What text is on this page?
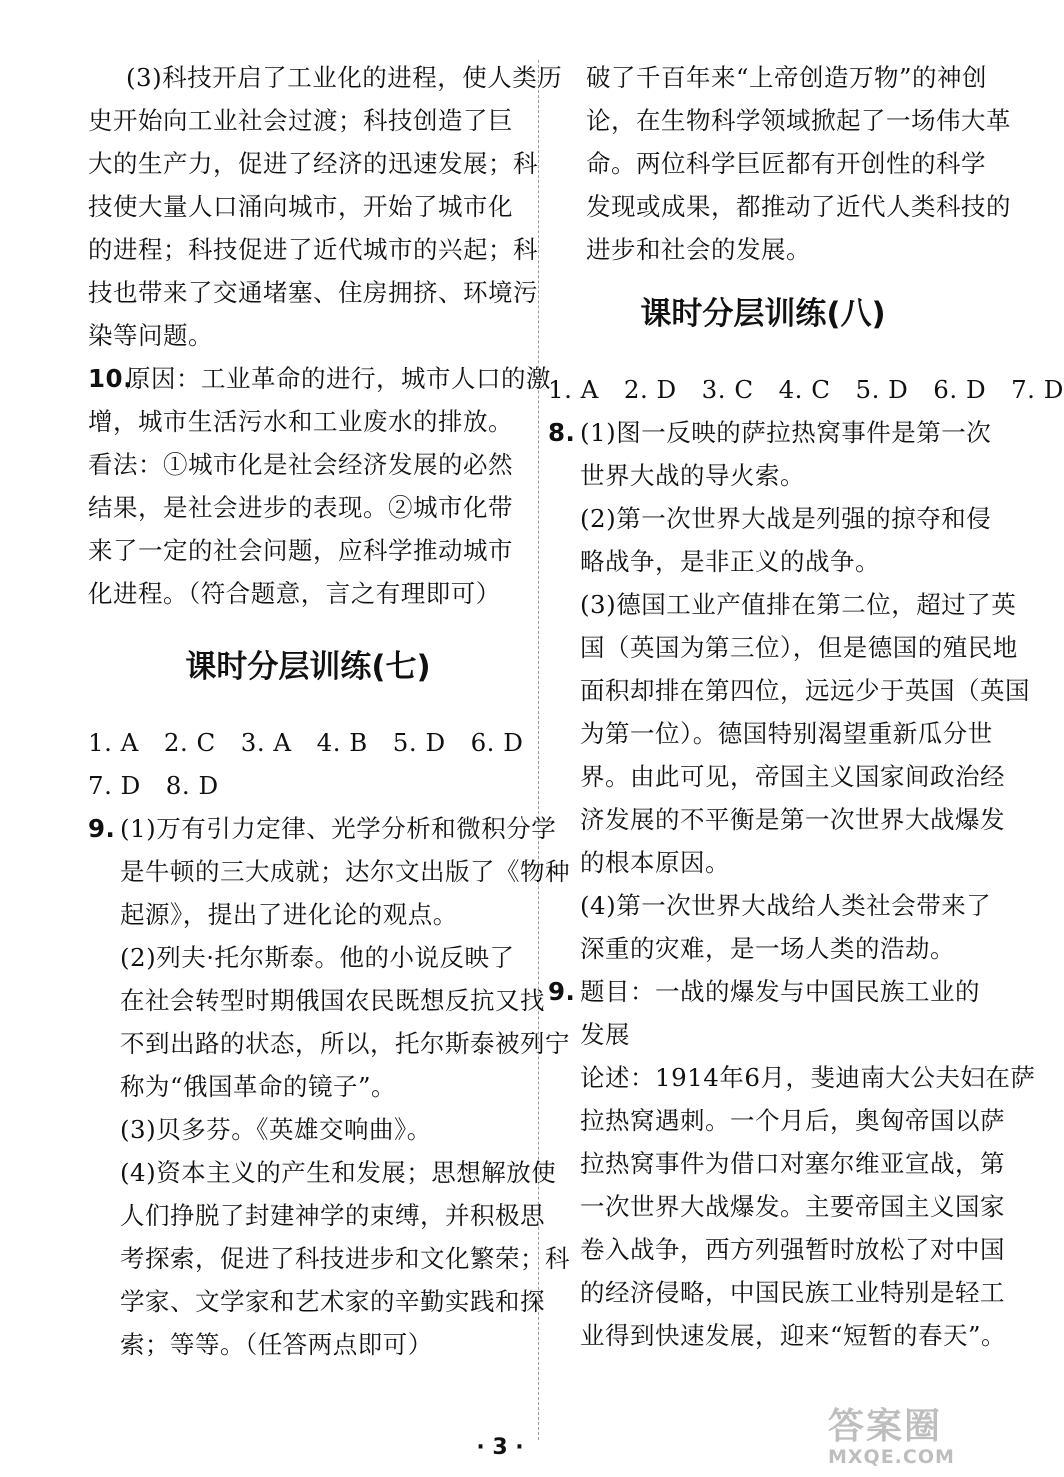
(3)科技开启了工业化的进程，使人类历
史开始向工业社会过渡；科技创造了巨
大的生产力，促进了经济的迅速发展；科
技使大量人口涌向城市，开始了城市化
的进程；科技促进了近代城市的兴起；科
技也带来了交通堵塞、住房拥挤、环境污
染等问题。
10.
原因：工业革命的进行，城市人口的激
增，城市生活污水和工业废水的排放。
看法：①城市化是社会经济发展的必然
结果，是社会进步的表现。②城市化带
来了一定的社会问题，应科学推动城市
化进程。（符合题意，言之有理即可）
课时分层训练(七)
1. A　2. C　3. A　4. B　5. D　6. D
7. D　8. D
9. (1)万有引力定律、光学分析和微积分学
是牛顿的三大成就；达尔文出版了《物种
起源》，提出了进化论的观点。
(2)列夫·托尔斯泰。他的小说反映了
在社会转型时期俄国农民既想反抗又找
不到出路的状态，所以，托尔斯泰被列宁
称为“俄国革命的镜子”。
(3)贝多芬。《英雄交响曲》。
(4)资本主义的产生和发展；思想解放使
人们挣脱了封建神学的束缚，并积极思
考探索，促进了科技进步和文化繁荣；科
学家、文学家和艺术家的辛勤实践和探
索；等等。（任答两点即可）
破了千百年来“上帝创造万物”的神创
论，在生物科学领域掀起了一场伟大革
命。两位科学巨匠都有开创性的科学
发现或成果，都推动了近代人类科技的
进步和社会的发展。
课时分层训练(八)
1. A　2. D　3. C　4. C　5. D　6. D　7. D
8. (1)图一反映的萨拉热窝事件是第一次
世界大战的导火索。
(2)第一次世界大战是列强的掠夺和侵
略战争，是非正义的战争。
(3)德国工业产值排在第二位，超过了英
国（英国为第三位），但是德国的殖民地
面积却排在第四位，远远少于英国（英国
为第一位）。德国特别渴望重新瓜分世
界。由此可见，帝国主义国家间政治经
济发展的不平衡是第一次世界大战爆发
的根本原因。
(4)第一次世界大战给人类社会带来了
深重的灾难，是一场人类的浩劫。
9. 题目：一战的爆发与中国民族工业的
发展
论述：1914年6月，斐迪南大公夫妇在萨
拉热窝遇刺。一个月后，奥匈帝国以萨
拉热窝事件为借口对塞尔维亚宣战，第
一次世界大战爆发。主要帝国主义国家
卷入战争，西方列强暂时放松了对中国
的经济侵略，中国民族工业特别是轻工
业得到快速发展，迎来“短暂的春天”。
· 3 ·
答案圈
MXQE.COM
